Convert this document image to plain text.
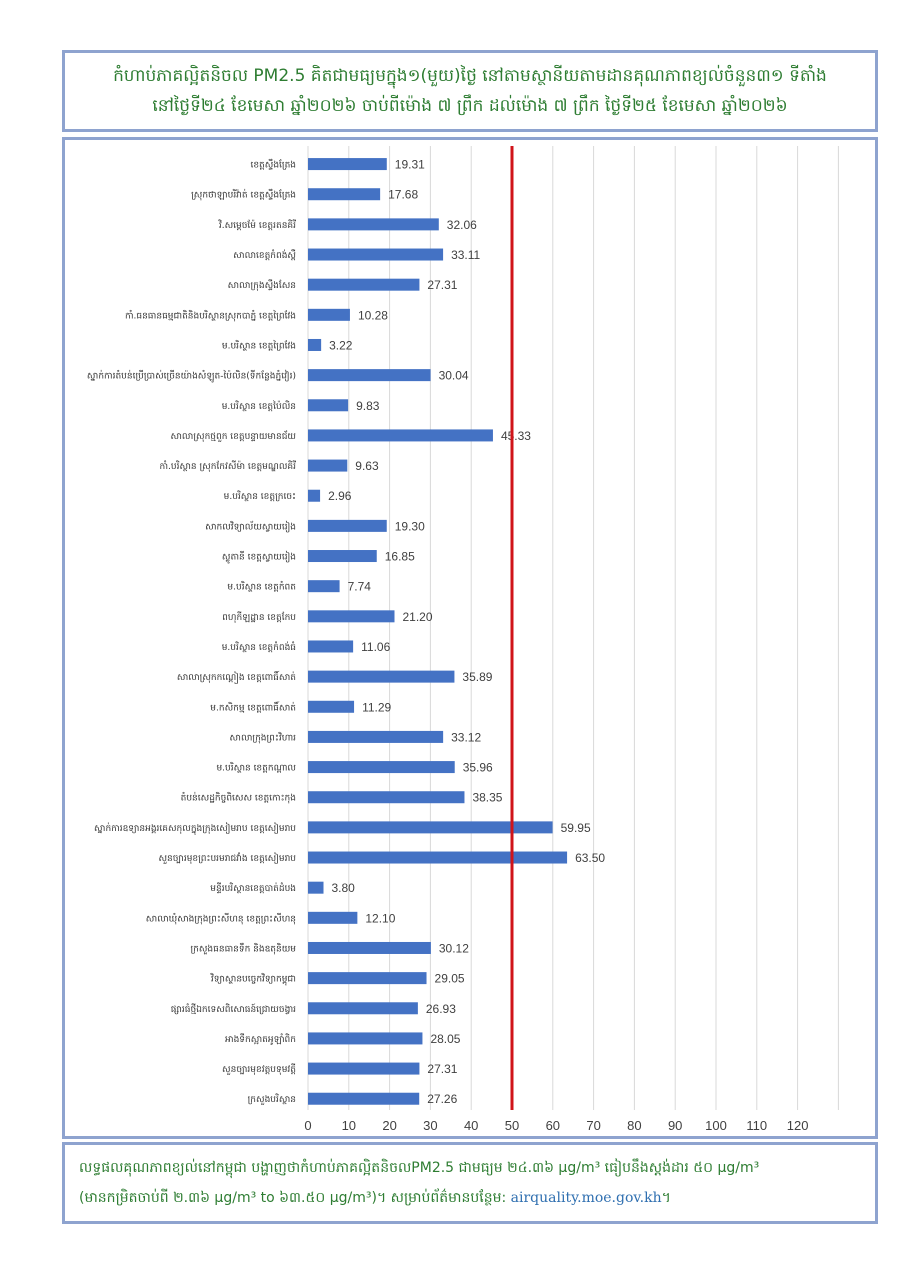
កំហាប់ភាគល្អិតនិចល PM2.5 គិតជាមធ្យមក្នុង១(មួយ)ថ្ងៃ នៅតាមស្ថានីយតាមដានគុណភាពខ្យល់ចំនួន៣១ ទីតាំង
នៅថ្ងៃទី២៤ ខែមេសា ឆ្នាំ២០២៦ ចាប់ពីម៉ោង ៧ ព្រឹក ដល់ម៉ោង ៧ ព្រឹក ថ្ងៃទី២៥ ខែមេសា ឆ្នាំ២០២៦
ខេត្តស្ទឹងត្រែង
ស្រុកថាឡាបរិវ៉ាត់ ខេត្តស្ទឹងត្រែង
វិ.សម្តេចម៉ែ ខេត្តរតនគិរី
សាលាខេត្តកំពង់ស្ពឺ
សាលាក្រុងស្ទឹងសែន
កាំ.ធនធានធម្មជាតិនិងបរិស្ថានស្រុកបាភ្នំ ខេត្តព្រៃវែង
ម.បរិស្ថាន ខេត្តព្រៃវែង
ស្នាក់ការតំបន់ប្រើប្រាស់ច្រើនយ៉ាងសំឡូត-ប៉ៃលិន(ទីកន្លែងភ្នំវៀរ)
ម.បរិស្ថាន ខេត្តប៉ៃលិន
សាលាស្រុកថ្មពួក ខេត្តបន្ទាយមានជ័យ
កាំ.បរិស្ថាន ស្រុកកែវសីម៉ា ខេត្តមណ្ឌលគិរី
ម.បរិស្ថាន ខេត្តក្រចេះ
សាកលវិទ្យាល័យស្វាយរៀង
ស្លូតានី ខេត្តស្វាយរៀង
ម.បរិស្ថាន ខេត្តកំពត
ពហុកីឡដ្ឋាន ខេត្តកែប
ម.បរិស្ថាន ខេត្តកំពង់ធំ
សាលាស្រុកកណ្តៀង ខេត្តពោធិ៍សាត់
ម.កសិកម្ម ខេត្តពោធិ៍សាត់
សាលាក្រុងព្រះវិហារ
ម.បរិស្ថាន ខេត្តកណ្តាល
តំបន់សេដ្ឋកិច្ចពិសេស ខេត្តកោះកុង
ស្នាក់ការឧទ្យានអង្គរគេសកុលក្នុងក្រុងសៀមរាប ខេត្តសៀមរាប
សួនច្បារមុខព្រះបរមរាជវាំង ខេត្តសៀមរាប
មន្ទីរបរិស្ថានខេត្តបាត់ដំបង
សាលាឃុំសាងក្រុងព្រះសីហនុ ខេត្តព្រះសីហនុ
ក្រសួងធនធានទឹក និងឧតុនិយម
វិទ្យាស្ថានបច្ចេកវិទ្យាកម្ពុជា
ផ្សារធំថ្មីឯកទេសពិសោធន៍ជ្រោយចង្វារ
អាងទឹកស្អាតអូឡាំពិក
សួនច្បារមុខវត្តបទុមវត្តី
ក្រសួងបរិស្ថាន
19.31
17.68
32.06
33.11
27.31
10.28
3.22
30.04
9.83
45.33
9.63
2.96
19.30
16.85
7.74
21.20
11.06
35.89
11.29
33.12
35.96
38.35
59.95
63.50
3.80
12.10
30.12
29.05
26.93
28.05
27.31
27.26
0 10 20 30 40 50 60 70 80 90 100 110 120
លទ្ធផលគុណភាពខ្យល់នៅកម្ពុជា បង្ហាញថាកំហាប់ភាគល្អិតនិចលPM2.5 ជាមធ្យម ២៤.៣៦ µg/m³ ធៀបនឹងស្តង់ដារ ៥០ µg/m³
(មានកម្រិតចាប់ពី ២.៣៦ µg/m³ to ៦៣.៥០ µg/m³)។ សម្រាប់ព័ត៌មានបន្ថែម: airquality.moe.gov.kh។
